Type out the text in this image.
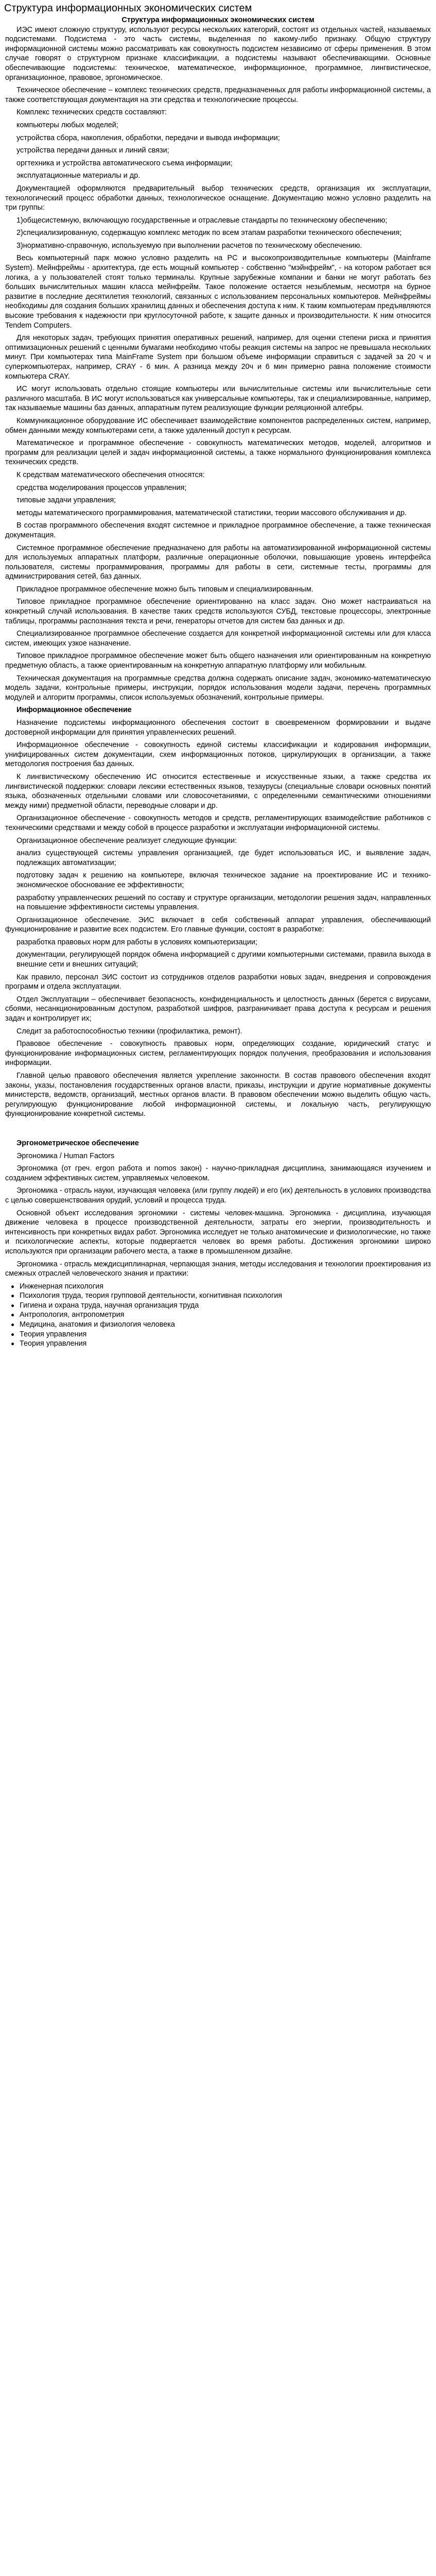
Структура информационных экономических систем
Структура информационных экономических систем
ИЭС имеют сложную структуру, используют ресурсы нескольких категорий, состоят из отдельных частей, называемых подсистемами. Подсистема - это часть системы, выделенная по какому-либо признаку. Общую структуру информационной системы можно рассматривать как совокупность подсистем независимо от сферы применения. В этом случае говорят о структурном признаке классификации, а подсистемы называют обеспечивающими. Основные обеспечивающие подсистемы: техническое, математическое, информационное, программное, лингвистическое, организационное, правовое, эргономическое.
Техническое обеспечение – комплекс технических средств, предназначенных для работы информационной системы, а также соответствующая документация на эти средства и технологические процессы.
Комплекс технических средств составляют:
компьютеры любых моделей;
устройства сбора, накопления, обработки, передачи и вывода информации;
устройства передачи данных и линий связи;
оргтехника и устройства автоматического съема информации;
эксплуатационные материалы и др.
Документацией оформляются предварительный выбор технических средств, организация их эксплуатации, технологический процесс обработки данных, технологическое оснащение. Документацию можно условно разделить на три группы:
1)общесистемную, включающую государственные и отраслевые стандарты по техническому обеспечению;
2)специализированную, содержащую комплекс методик по всем этапам разработки технического обеспечения;
3)нормативно-справочную, используемую при выполнении расчетов по техническому обеспечению.
Весь компьютерный парк можно условно разделить на PC и высокопроизводительные компьютеры (Mainframe System). Мейнфреймы - архитектура, где есть мощный компьютер - собственно "мэйнфрейм", - на котором работает вся логика, а у пользователей стоят только терминалы. Крупные зарубежные компании и банки не могут работать без больших вычислительных машин класса мейнфрейм. Такое положение остается незыблемым, несмотря на бурное развитие в последние десятилетия технологий, связанных с использованием персональных компьютеров. Мейнфреймы необходимы для создания больших хранилищ данных и обеспечения доступа к ним. К таким компьютерам предъявляются высокие требования к надежности при круглосуточной работе, к защите данных и производительности. К ним относится Tendem Computers.
Для некоторых задач, требующих принятия оперативных решений, например, для оценки степени риска и принятия оптимизационных решений с ценными бумагами необходимо чтобы реакция системы на запрос не превышала нескольких минут. При компьютерах типа MainFrame System при большом объеме информации справиться с задачей за 20 ч и суперкомпьютерах, например, CRAY - 6 мин. А разница между 20ч и 6 мин примерно равна положение стоимости компьютера CRAY.
ИС могут использовать отдельно стоящие компьютеры или вычислительные системы или вычислительные сети различного масштаба. В ИС могут использоваться как универсальные компьютеры, так и специализированные, например, так называемые машины баз данных, аппаратным путем реализующие функции реляционной алгебры.
Коммуникационное оборудование ИС обеспечивает взаимодействие компонентов распределенных систем, например, обмен данными между компьютерами сети, а также удаленный доступ к ресурсам.
Математическое и программное обеспечение - совокупность математических методов, моделей, алгоритмов и программ для реализации целей и задач информационной системы, а также нормального функционирования комплекса технических средств.
К средствам математического обеспечения относятся:
средства моделирования процессов управления;
типовые задачи управления;
методы математического программирования, математической статистики, теории массового обслуживания и др.
В состав программного обеспечения входят системное и прикладное программное обеспечение, а также техническая документация.
Системное программное обеспечение предназначено для работы на автоматизированной информационной системы для используемых аппаратных платформ, различные операционные оболочки, повышающие уровень интерфейса пользователя, системы программирования, программы для работы в сети, системные тесты, программы для администрирования сетей, баз данных.
Прикладное программное обеспечение можно быть типовым и специализированным.
Типовое прикладное программное обеспечение ориентированно на класс задач. Оно может настраиваться на конкретный случай использования. В качестве таких средств используются СУБД, текстовые процессоры, электронные таблицы, программы распознания текста и речи, генераторы отчетов для систем баз данных и др.
Специализированное программное обеспечение создается для конкретной информационной системы или для класса систем, имеющих узкое назначение.
Типовое прикладное программное обеспечение может быть общего назначения или ориентированным на конкретную предметную область, а также ориентированным на конкретную аппаратную платформу или мобильным.
Техническая документация на программные средства должна содержать описание задач, экономико-математическую модель задачи, контрольные примеры, инструкции, порядок использования модели задачи, перечень программных модулей и алгоритм программы, список используемых обозначений, контрольные примеры.
Информационное обеспечение
Назначение подсистемы информационного обеспечения состоит в своевременном формировании и выдаче достоверной информации для принятия управленческих решений.
Информационное обеспечение - совокупность единой системы классификации и кодирования информации, унифицированных систем документации, схем информационных потоков, циркулирующих в организации, а также методология построения баз данных.
К лингвистическому обеспечению ИС относится естественные и искусственные языки, а также средства их лингвистической поддержки: словари лексики естественных языков, тезаурусы (специальные словари основных понятий языка, обозначенных отдельными словами или словосочетаниями, с определенными семантическими отношениями между ними) предметной области, переводные словари и др.
Организационное обеспечение - совокупность методов и средств, регламентирующих взаимодействие работников с техническими средствами и между собой в процессе разработки и эксплуатации информационной системы.
Организационное обеспечение реализует следующие функции:
анализ существующей системы управления организацией, где будет использоваться ИС, и выявление задач, подлежащих автоматизации;
подготовку задач к решению на компьютере, включая техническое задание на проектирование ИС и технико-экономическое обоснование ее эффективности;
разработку управленческих решений по составу и структуре организации, методологии решения задач, направленных на повышение эффективности системы управления.
Организационное обеспечение. ЭИС включает в себя собственный аппарат управления, обеспечивающий функционирование и развитие всех подсистем. Его главные функции, состоят в разработке:
разработка правовых норм для работы в условиях компьютеризации;
документации, регулирующей порядок обмена информацией с другими компьютерными системами, правила выхода в внешние сети и внешних ситуаций;
Как правило, персонал ЭИС состоит из сотрудников отделов разработки новых задач, внедрения и сопровождения программ и отдела эксплуатации.
Отдел Эксплуатации – обеспечивает безопасность, конфиденциальность и целостность данных (берется с вирусами, сбоями, несанкционированным доступом, разработкой шифров, разграничивает права доступа к ресурсам и решения задач и контролирует их;
Следит за работоспособностью техники (профилактика, ремонт).
Правовое обеспечение - совокупность правовых норм, определяющих создание, юридический статус и функционирование информационных систем, регламентирующих порядок получения, преобразования и использования информации.
Главной целью правового обеспечения является укрепление законности. В состав правового обеспечения входят законы, указы, постановления государственных органов власти, приказы, инструкции и другие нормативные документы министерств, ведомств, организаций, местных органов власти. В правовом обеспечении можно выделить общую часть, регулирующую функционирование любой информационной системы, и локальную часть, регулирующую функционирование конкретной системы.
Эргонометрическое обеспечение
Эргономика / Human Factors
Эргономика (от греч. ergon работа и nomos закон) - научно-прикладная дисциплина, занимающаяся изучением и созданием эффективных систем, управляемых человеком.
Эргономика - отрасль науки, изучающая человека (или группу людей) и его (их) деятельность в условиях производства с целью совершенствования орудий, условий и процесса труда.
Основной объект исследования эргономики - системы человек-машина. Эргономика - дисциплина, изучающая движение человека в процессе производственной деятельности, затраты его энергии, производительность и интенсивность при конкретных видах работ. Эргономика исследует не только анатомические и физиологические, но также и психологические аспекты, которые подвергается человек во время работы. Достижения эргономики широко используются при организации рабочего места, а также в промышленном дизайне.
Эргономика - отрасль междисциплинарная, черпающая знания, методы исследования и технологии проектирования из смежных отраслей человеческого знания и практики:
Инженерная психология
Психология труда, теория групповой деятельности, когнитивная психология
Гигиена и охрана труда, научная организация труда
Антропология, антропометрия
Медицина, анатомия и физиология человека
Теория управления
Теория управления
